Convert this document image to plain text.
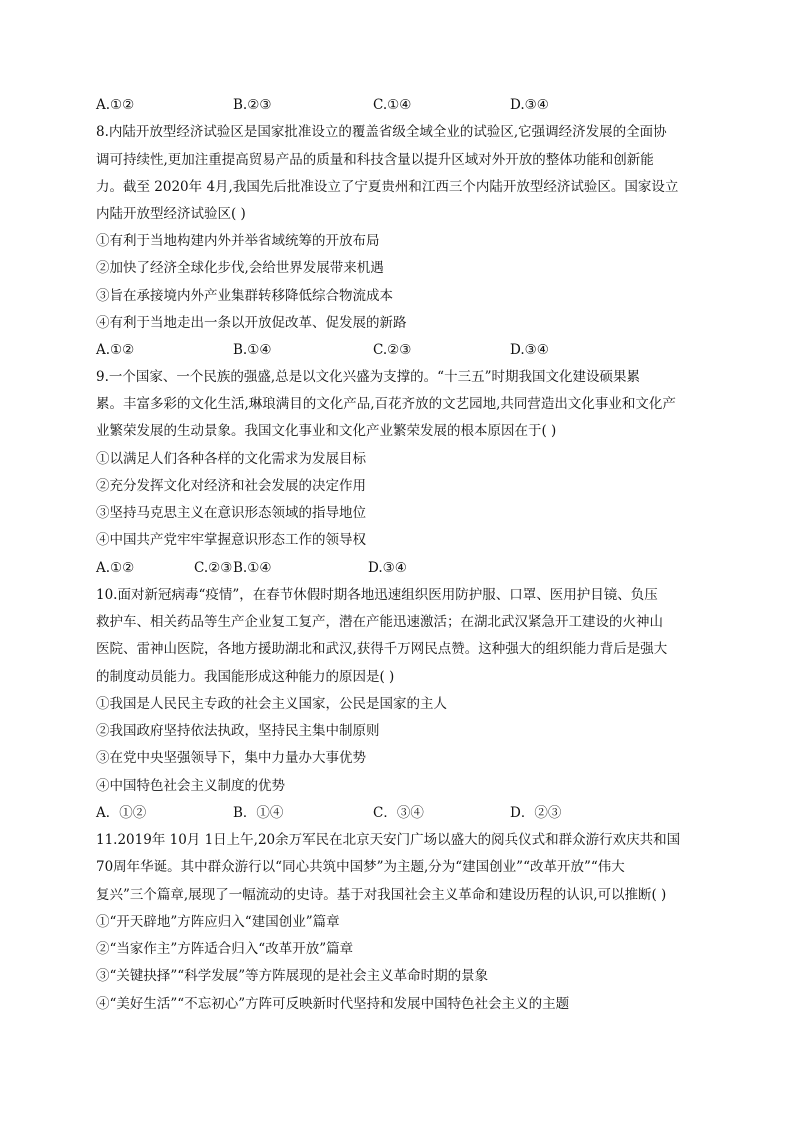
A.①②	B.②③	C.①④	D.③④
8.内陆开放型经济试验区是国家批准设立的覆盖省级全域全业的试验区,它强调经济发展的全面协
调可持续性,更加注重提高贸易产品的质量和科技含量以提升区域对外开放的整体功能和创新能
力。截至 2020年 4月,我国先后批准设立了宁夏贵州和江西三个内陆开放型经济试验区。国家设立
内陆开放型经济试验区( )
①有利于当地构建内外并举省域统筹的开放布局
②加快了经济全球化步伐,会给世界发展带来机遇
③旨在承接境内外产业集群转移降低综合物流成本
④有利于当地走出一条以开放促改革、促发展的新路
A.①②	B.①④	C.②③	D.③④
9.一个国家、一个民族的强盛,总是以文化兴盛为支撑的。“十三五”时期我国文化建设硕果累
累。丰富多彩的文化生活,琳琅满目的文化产品,百花齐放的文艺园地,共同营造出文化事业和文化产
业繁荣发展的生动景象。我国文化事业和文化产业繁荣发展的根本原因在于( )
①以满足人们各种各样的文化需求为发展目标
②充分发挥文化对经济和社会发展的决定作用
③坚持马克思主义在意识形态领域的指导地位
④中国共产党牢牢掌握意识形态工作的领导权
A.①②	B.①④
C.②③	D.③④
10.面对新冠病毒“疫情”，在春节休假时期各地迅速组织医用防护服、口罩、医用护目镜、负压
救护车、相关药品等生产企业复工复产，潜在产能迅速激活；在湖北武汉紧急开工建设的火神山
医院、雷神山医院，各地方援助湖北和武汉,获得千万网民点赞。这种强大的组织能力背后是强大
的制度动员能力。我国能形成这种能力的原因是( )
①我国是人民民主专政的社会主义国家，公民是国家的主人
②我国政府坚持依法执政，坚持民主集中制原则
③在党中央坚强领导下，集中力量办大事优势
④中国特色社会主义制度的优势
A．①②	B．①④	C．③④	D．②③
11.2019年 10月 1日上午,20余万军民在北京天安门广场以盛大的阅兵仪式和群众游行欢庆共和国
70周年华诞。其中群众游行以“同心共筑中国梦”为主题,分为“建国创业”“改革开放”“伟大
复兴”三个篇章,展现了一幅流动的史诗。基于对我国社会主义革命和建设历程的认识,可以推断( )
①“开天辟地”方阵应归入“建国创业”篇章
②“当家作主”方阵适合归入“改革开放”篇章
③“关键抉择”“科学发展”等方阵展现的是社会主义革命时期的景象
④“美好生活”“不忘初心”方阵可反映新时代坚持和发展中国特色社会主义的主题
